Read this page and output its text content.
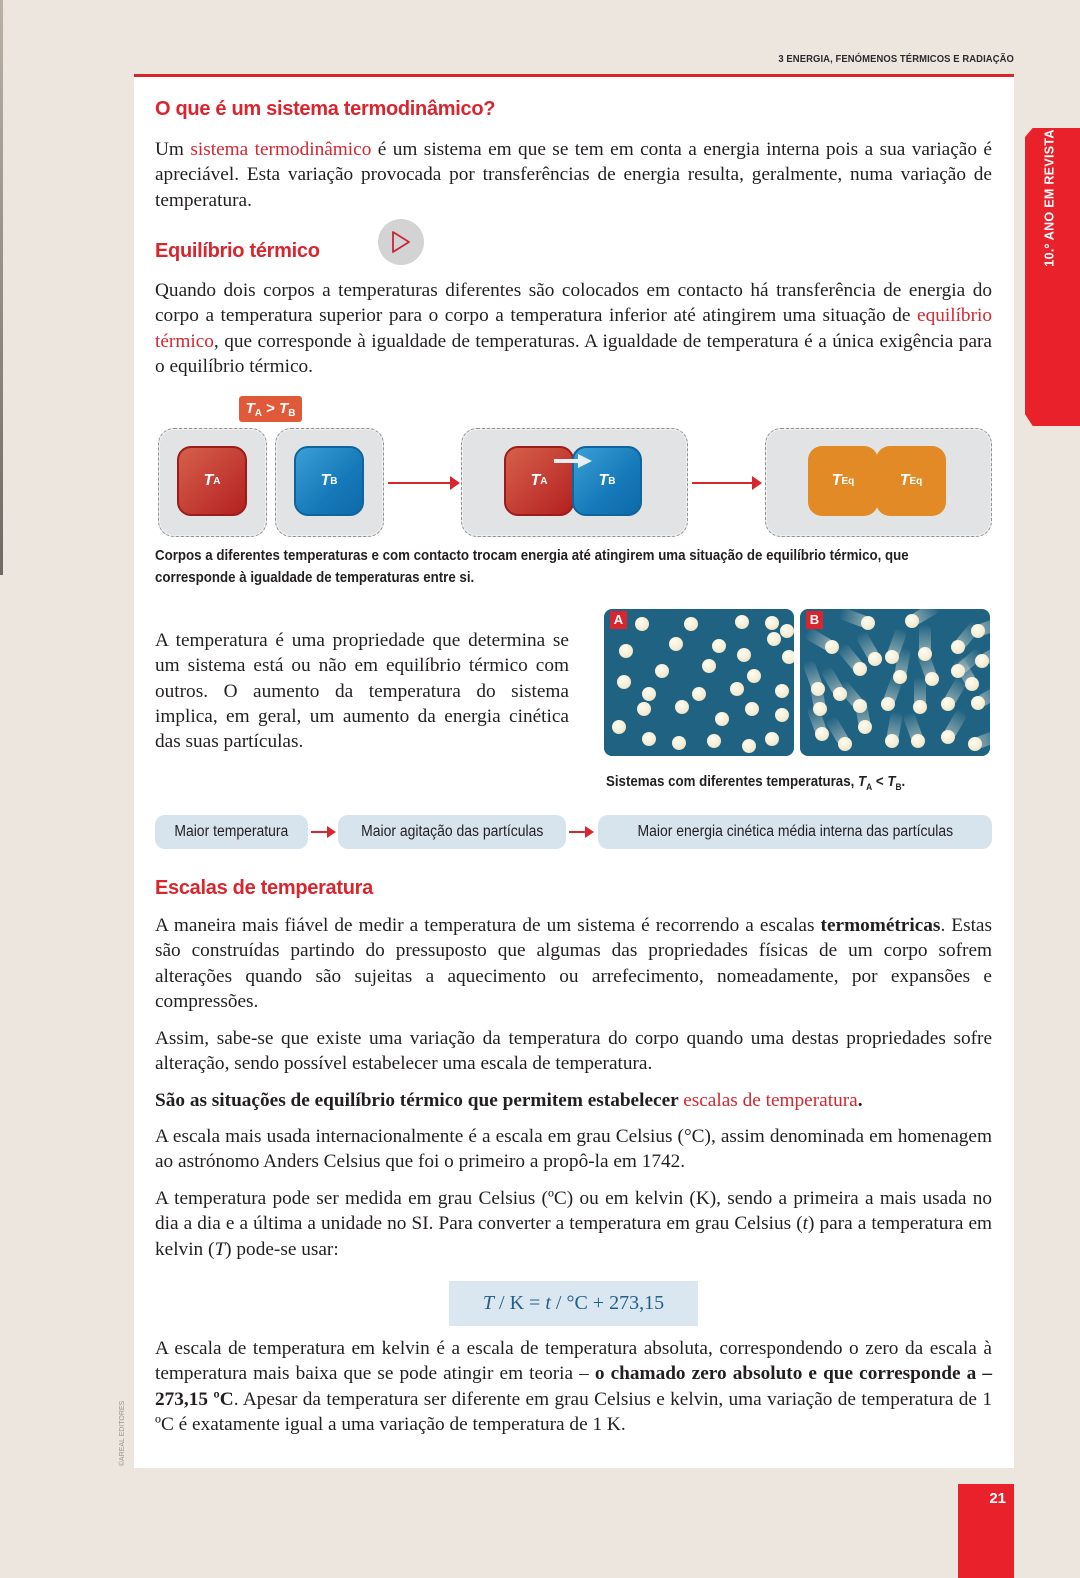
3 ENERGIA, FENÓMENOS TÉRMICOS E RADIAÇÃO
10.º ANO EM REVISTA
O que é um sistema termodinâmico?

Um sistema termodinâmico é um sistema em que se tem em conta a energia interna pois a sua variação é apreciável. Esta variação provocada por transferências de energia resulta, geralmente, numa variação de temperatura.

Equilíbrio térmico

Quando dois corpos a temperaturas diferentes são colocados em contacto há transferência de energia do corpo a temperatura superior para o corpo a temperatura inferior até atingirem uma situação de equilíbrio térmico, que corresponde à igualdade de temperaturas. A igualdade de temperatura é a única exigência para o equilíbrio térmico.

$T_A > T_B$
T A	T B	T A	T B	T Eq	T Eq

Corpos a diferentes temperaturas e com contacto trocam energia até atingirem uma situação de equilíbrio térmico, que corresponde à igualdade de temperaturas entre si.

A temperatura é uma propriedade que determina se um sistema está ou não em equilíbrio térmico com outros. O aumento da temperatura do sistema implica, em geral, um aumento da energia cinética das suas partículas.

A	B

Sistemas com diferentes temperaturas, $T_A < T_B$.

Maior temperatura	Maior agitação das partículas	Maior energia cinética média interna das partículas
Escalas de temperatura

A maneira mais fiável de medir a temperatura de um sistema é recorrendo a escalas termométricas. Estas são construídas partindo do pressuposto que algumas das propriedades físicas de um corpo sofrem alterações quando são sujeitas a aquecimento ou arrefecimento, nomeadamente, por expansões e compressões.

Assim, sabe-se que existe uma variação da temperatura do corpo quando uma destas propriedades sofre alteração, sendo possível estabelecer uma escala de temperatura.

São as situações de equilíbrio térmico que permitem estabelecer escalas de temperatura.

A escala mais usada internacionalmente é a escala em grau Celsius (°C), assim denominada em homenagem ao astrónomo Anders Celsius que foi o primeiro a propô-la em 1742.

A temperatura pode ser medida em grau Celsius (ºC) ou em kelvin (K), sendo a primeira a mais usada no dia a dia e a última a unidade no SI. Para converter a temperatura em grau Celsius (t) para a temperatura em kelvin (T) pode-se usar:

T / K = t / °C + 273,15

A escala de temperatura em kelvin é a escala de temperatura absoluta, correspondendo o zero da escala à temperatura mais baixa que se pode atingir em teoria – o chamado zero absoluto e que corresponde a – 273,15 ºC. Apesar da temperatura ser diferente em grau Celsius e kelvin, uma variação de temperatura de 1 ºC é exatamente igual a uma variação de temperatura de 1 K.

©AREAL EDITORES
21
